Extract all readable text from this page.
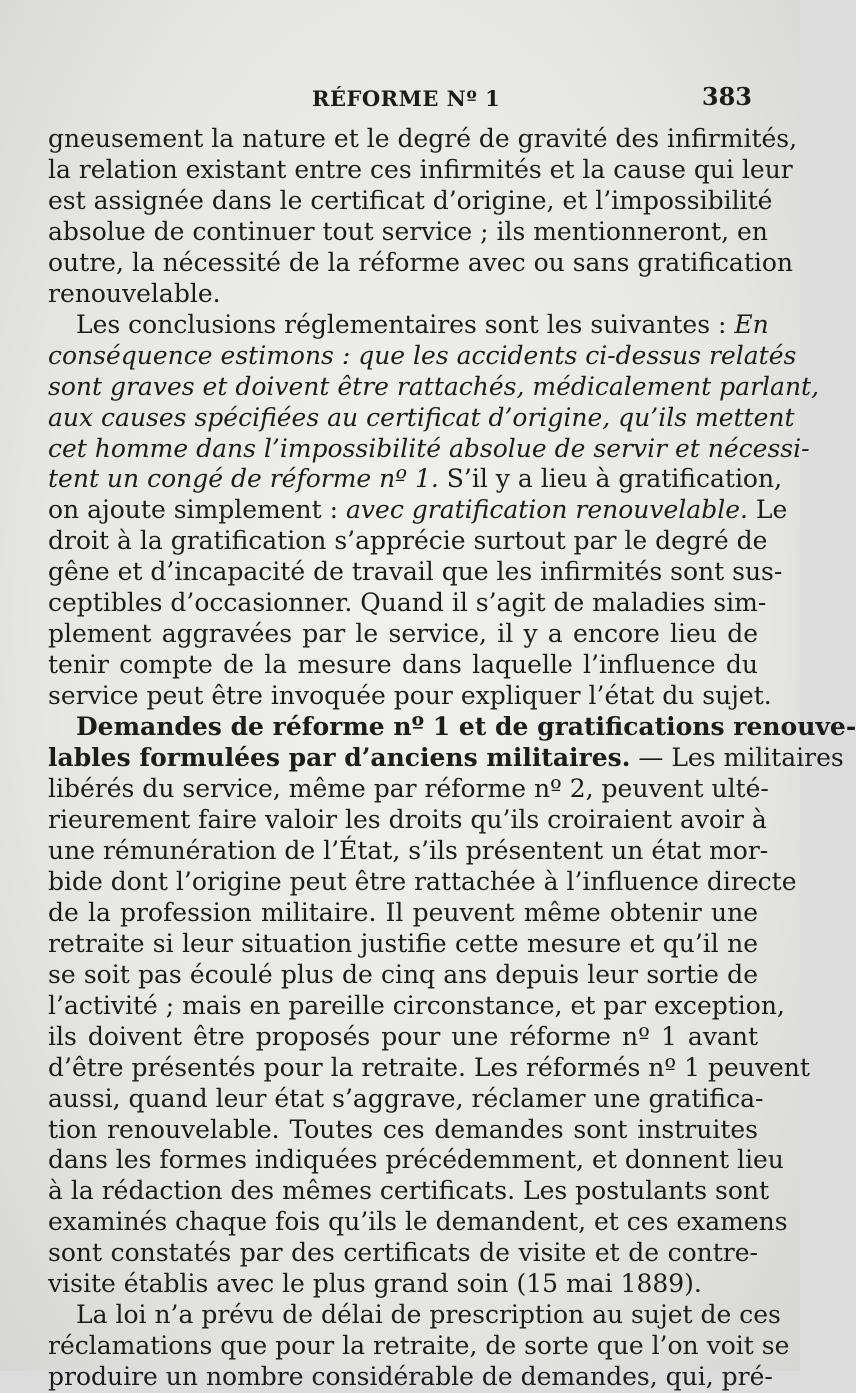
RÉFORME Nº 1	383

gneusement la nature et le degré de gravité des infirmités,
la relation existant entre ces infirmités et la cause qui leur
est assignée dans le certificat d’origine, et l’impossibilité
absolue de continuer tout service ; ils mentionneront, en
outre, la nécessité de la réforme avec ou sans gratification
renouvelable.

Les conclusions réglementaires sont les suivantes : En
conséquence estimons : que les accidents ci-dessus relatés
sont graves et doivent être rattachés, médicalement parlant,
aux causes spécifiées au certificat d’origine, qu’ils mettent
cet homme dans l’impossibilité absolue de servir et nécessi-
tent un congé de réforme nº 1. S’il y a lieu à gratification,
on ajoute simplement : avec gratification renouvelable. Le
droit à la gratification s’apprécie surtout par le degré de
gêne et d’incapacité de travail que les infirmités sont sus-
ceptibles d’occasionner. Quand il s’agit de maladies sim-
plement aggravées par le service, il y a encore lieu de
tenir compte de la mesure dans laquelle l’influence du
service peut être invoquée pour expliquer l’état du sujet.

Demandes de réforme nº 1 et de gratifications renouve-
lables formulées par d’anciens militaires. — Les militaires
libérés du service, même par réforme nº 2, peuvent ulté-
rieurement faire valoir les droits qu’ils croiraient avoir à
une rémunération de l’État, s’ils présentent un état mor-
bide dont l’origine peut être rattachée à l’influence directe
de la profession militaire. Il peuvent même obtenir une
retraite si leur situation justifie cette mesure et qu’il ne
se soit pas écoulé plus de cinq ans depuis leur sortie de
l’activité ; mais en pareille circonstance, et par exception,
ils doivent être proposés pour une réforme nº 1 avant
d’être présentés pour la retraite. Les réformés nº 1 peuvent
aussi, quand leur état s’aggrave, réclamer une gratifica-
tion renouvelable. Toutes ces demandes sont instruites
dans les formes indiquées précédemment, et donnent lieu
à la rédaction des mêmes certificats. Les postulants sont
examinés chaque fois qu’ils le demandent, et ces examens
sont constatés par des certificats de visite et de contre-
visite établis avec le plus grand soin (15 mai 1889).

La loi n’a prévu de délai de prescription au sujet de ces
réclamations que pour la retraite, de sorte que l’on voit se
produire un nombre considérable de demandes, qui, pré-
